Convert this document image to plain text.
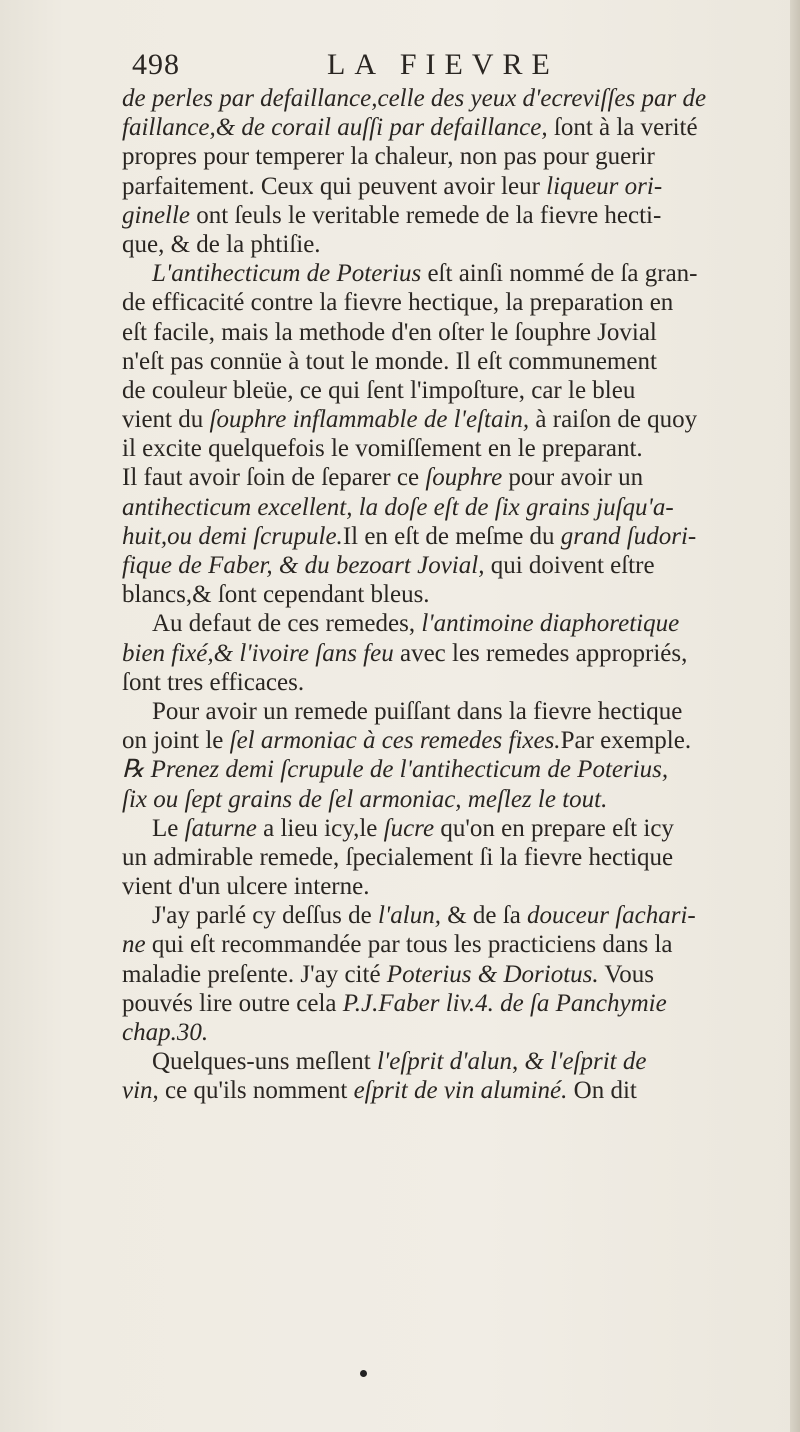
498	LA FIEVRE
de perles par defaillance,celle des yeux d'ecreviſſes par de
faillance,& de corail auſſi par defaillance, ſont à la verité
propres pour temperer la chaleur, non pas pour guerir
parfaitement. Ceux qui peuvent avoir leur liqueur ori-
ginelle ont ſeuls le veritable remede de la fievre hecti-
que, & de la phtiſie.
L'antihecticum de Poterius eſt ainſi nommé de ſa gran-
de efficacité contre la fievre hectique, la preparation en
eſt facile, mais la methode d'en oſter le ſouphre Jovial
n'eſt pas connüe à tout le monde. Il eſt communement
de couleur bleüe, ce qui ſent l'impoſture, car le bleu
vient du ſouphre inflammable de l'eſtain, à raiſon de quoy
il excite quelquefois le vomiſſement en le preparant.
Il faut avoir ſoin de ſeparer ce ſouphre pour avoir un
antihecticum excellent, la doſe eſt de ſix grains juſqu'a-
huit,ou demi ſcrupule.Il en eſt de meſme du grand ſudori-
fique de Faber, & du bezoart Jovial, qui doivent eſtre
blancs,& ſont cependant bleus.
Au defaut de ces remedes, l'antimoine diaphoretique
bien fixé,& l'ivoire ſans feu avec les remedes appropriés,
ſont tres efficaces.
Pour avoir un remede puiſſant dans la fievre hectique
on joint le ſel armoniac à ces remedes fixes.Par exemple.
℞ Prenez demi ſcrupule de l'antihecticum de Poterius,
ſix ou ſept grains de ſel armoniac, meſlez le tout.
Le ſaturne a lieu icy,le ſucre qu'on en prepare eſt icy
un admirable remede, ſpecialement ſi la fievre hectique
vient d'un ulcere interne.
J'ay parlé cy deſſus de l'alun, & de ſa douceur ſachari-
ne qui eſt recommandée par tous les practiciens dans la
maladie preſente. J'ay cité Poterius & Doriotus. Vous
pouvés lire outre cela P.J.Faber liv.4. de ſa Panchymie
chap.30.
Quelques-uns meſlent l'eſprit d'alun, & l'eſprit de
vin, ce qu'ils nomment eſprit de vin aluminé. On dit
